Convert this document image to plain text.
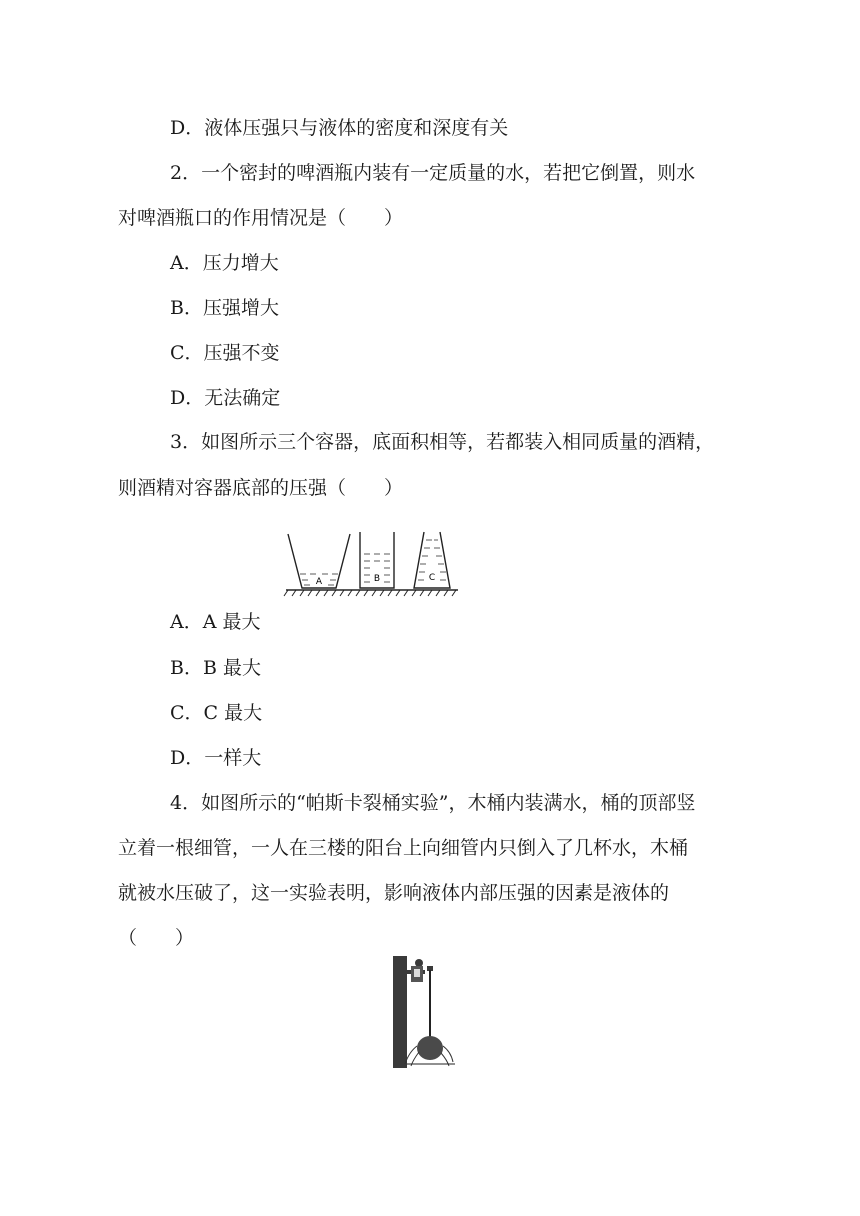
D．液体压强只与液体的密度和深度有关
2．一个密封的啤酒瓶内装有一定质量的水，若把它倒置，则水
对啤酒瓶口的作用情况是（　　）
A．压力增大
B．压强增大
C．压强不变
D．无法确定
3．如图所示三个容器，底面积相等，若都装入相同质量的酒精，
则酒精对容器底部的压强（　　）
A	B	C
A．A 最大
B．B 最大
C．C 最大
D．一样大
4．如图所示的“帕斯卡裂桶实验”，木桶内装满水，桶的顶部竖
立着一根细管，一人在三楼的阳台上向细管内只倒入了几杯水，木桶
就被水压破了，这一实验表明，影响液体内部压强的因素是液体的
（　　）
